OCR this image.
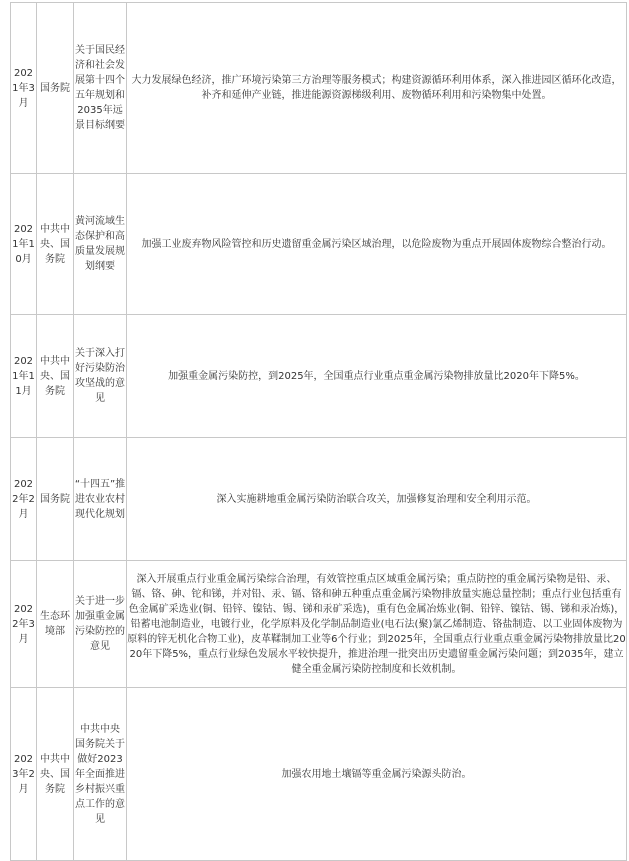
2021年3月	国务院	关于国民经济和社会发展第十四个五年规划和2035年远景目标纲要	大力发展绿色经济，推广环境污染第三方治理等服务模式；构建资源循环利用体系，深入推进园区循环化改造，补齐和延伸产业链，推进能源资源梯级利用、废物循环利用和污染物集中处置。
2021年10月	中共中央、国务院	黄河流域生态保护和高质量发展规划纲要	加强工业废弃物风险管控和历史遗留重金属污染区域治理，以危险废物为重点开展固体废物综合整治行动。
2021年11月	中共中央、国务院	关于深入打好污染防治攻坚战的意见	加强重金属污染防控，到2025年，全国重点行业重点重金属污染物排放量比2020年下降5%。
2022年2月	国务院	“十四五”推进农业农村现代化规划	深入实施耕地重金属污染防治联合攻关，加强修复治理和安全利用示范。
2022年3月	生态环境部	关于进一步加强重金属污染防控的意见	深入开展重点行业重金属污染综合治理，有效管控重点区域重金属污染；重点防控的重金属污染物是铅、汞、镉、铬、砷、铊和锑，并对铅、汞、镉、铬和砷五种重点重金属污染物排放量实施总量控制；重点行业包括重有色金属矿采选业(铜、铅锌、镍钴、锡、锑和汞矿采选)，重有色金属冶炼业(铜、铅锌、镍钴、锡、锑和汞冶炼)，铅蓄电池制造业，电镀行业，化学原料及化学制品制造业(电石法(聚)氯乙烯制造、铬盐制造、以工业固体废物为原料的锌无机化合物工业)，皮革鞣制加工业等6个行业；到2025年，全国重点行业重点重金属污染物排放量比2020年下降5%，重点行业绿色发展水平较快提升，推进治理一批突出历史遗留重金属污染问题；到2035年，建立健全重金属污染防控制度和长效机制。
2023年2月	中共中央、国务院	中共中央 国务院关于做好2023年全面推进乡村振兴重点工作的意见	加强农用地土壤镉等重金属污染源头防治。
